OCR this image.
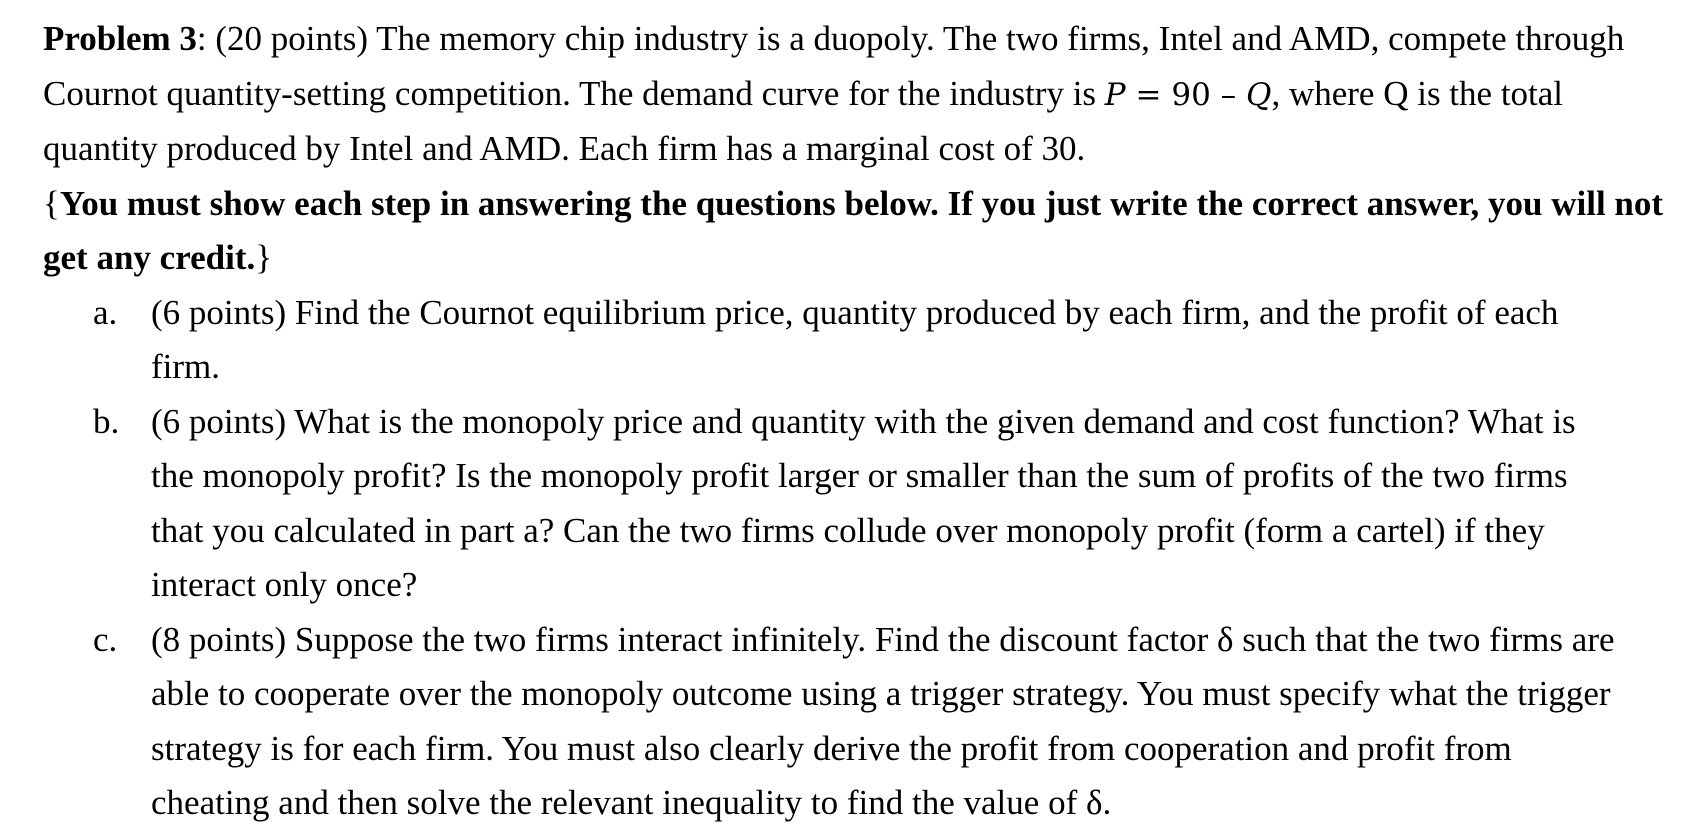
Problem 3: (20 points) The memory chip industry is a duopoly. The two firms, Intel and AMD, compete through Cournot quantity-setting competition. The demand curve for the industry is P = 90 – Q, where Q is the total quantity produced by Intel and AMD. Each firm has a marginal cost of 30.

{You must show each step in answering the questions below. If you just write the correct answer, you will not get any credit.}

a. (6 points) Find the Cournot equilibrium price, quantity produced by each firm, and the profit of each firm.
b. (6 points) What is the monopoly price and quantity with the given demand and cost function? What is the monopoly profit? Is the monopoly profit larger or smaller than the sum of profits of the two firms that you calculated in part a? Can the two firms collude over monopoly profit (form a cartel) if they interact only once?
c. (8 points) Suppose the two firms interact infinitely. Find the discount factor δ such that the two firms are able to cooperate over the monopoly outcome using a trigger strategy. You must specify what the trigger strategy is for each firm. You must also clearly derive the profit from cooperation and profit from cheating and then solve the relevant inequality to find the value of δ.
